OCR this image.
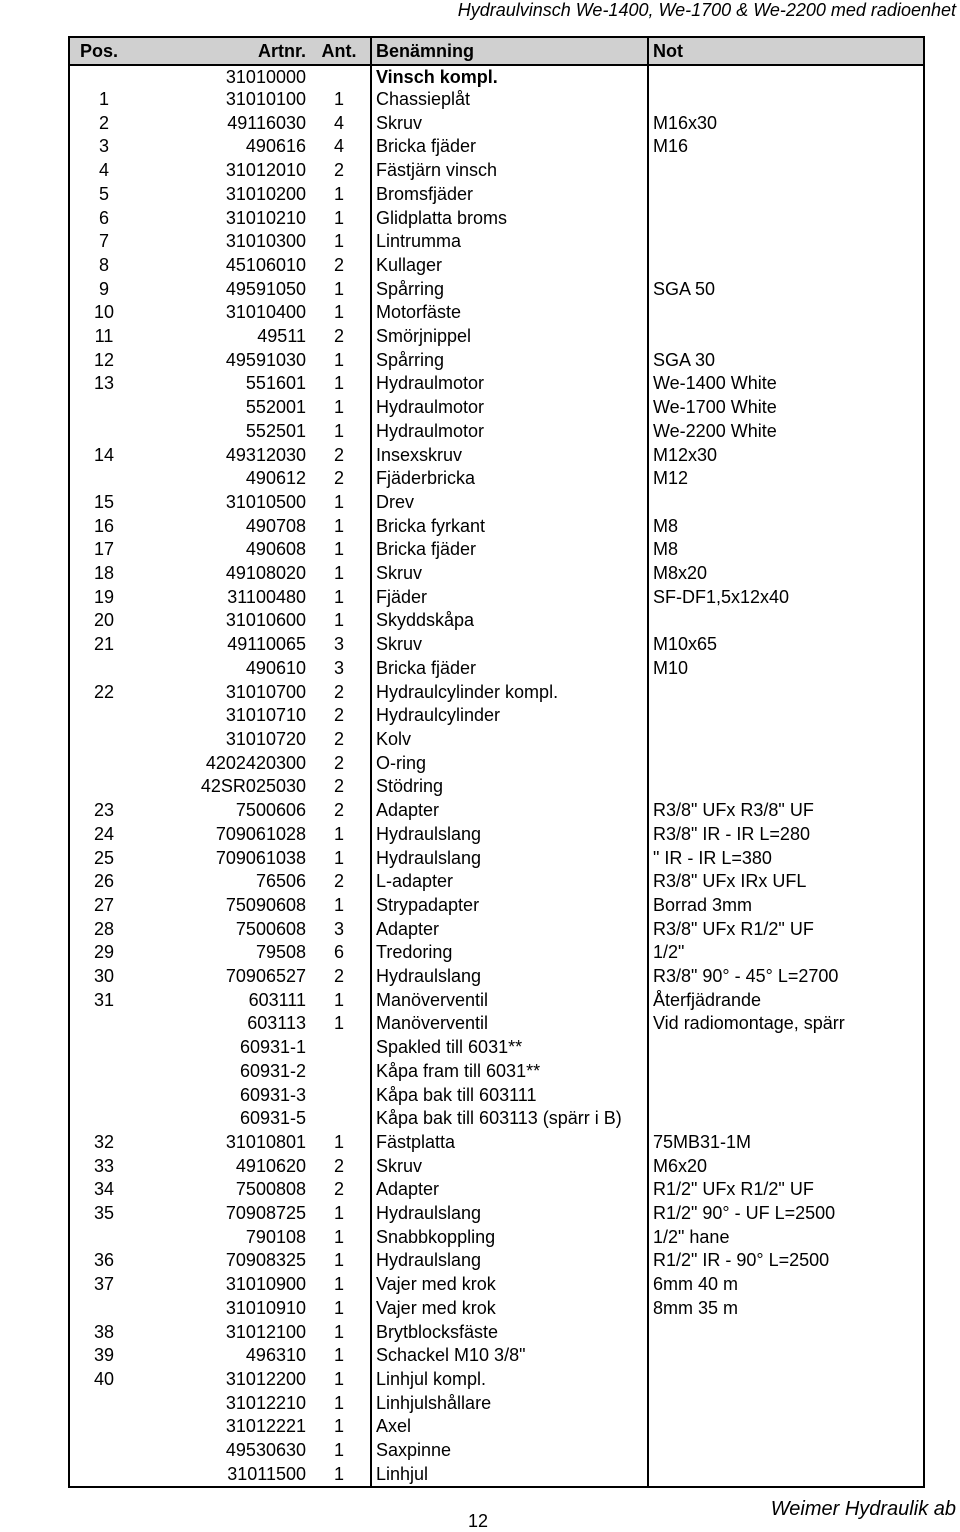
Hydraulvinsch We-1400, We-1700 & We-2200 med radioenhet
Pos.	Artnr.	Ant.	Benämning	Not
	31010000		Vinsch kompl.	
1	31010100	1	Chassieplåt	
2	49116030	4	Skruv	M16x30
3	490616	4	Bricka fjäder	M16
4	31012010	2	Fästjärn vinsch	
5	31010200	1	Bromsfjäder	
6	31010210	1	Glidplatta broms	
7	31010300	1	Lintrumma	
8	45106010	2	Kullager	
9	49591050	1	Spårring	SGA 50
10	31010400	1	Motorfäste	
11	49511	2	Smörjnippel	
12	49591030	1	Spårring	SGA 30
13	551601	1	Hydraulmotor	We-1400 White
	552001	1	Hydraulmotor	We-1700 White
	552501	1	Hydraulmotor	We-2200 White
14	49312030	2	Insexskruv	M12x30
	490612	2	Fjäderbricka	M12
15	31010500	1	Drev	
16	490708	1	Bricka fyrkant	M8
17	490608	1	Bricka fjäder	M8
18	49108020	1	Skruv	M8x20
19	31100480	1	Fjäder	SF-DF1,5x12x40
20	31010600	1	Skyddskåpa	
21	49110065	3	Skruv	M10x65
	490610	3	Bricka fjäder	M10
22	31010700	2	Hydraulcylinder kompl.	
	31010710	2	Hydraulcylinder	
	31010720	2	Kolv	
	4202420300	2	O-ring	
	42SR025030	2	Stödring	
23	7500606	2	Adapter	R3/8" UFx R3/8" UF
24	709061028	1	Hydraulslang	R3/8" IR - IR L=280
25	709061038	1	Hydraulslang	" IR - IR L=380
26	76506	2	L-adapter	R3/8" UFx IRx UFL
27	75090608	1	Strypadapter	Borrad 3mm
28	7500608	3	Adapter	R3/8" UFx R1/2" UF
29	79508	6	Tredoring	1/2"
30	70906527	2	Hydraulslang	R3/8" 90° - 45° L=2700
31	603111	1	Manöverventil	Återfjädrande
	603113	1	Manöverventil	Vid radiomontage, spärr
	60931-1		Spakled till 6031**	
	60931-2		Kåpa fram till 6031**	
	60931-3		Kåpa bak till 603111	
	60931-5		Kåpa bak till 603113 (spärr i B)	
32	31010801	1	Fästplatta	75MB31-1M
33	4910620	2	Skruv	M6x20
34	7500808	2	Adapter	R1/2" UFx R1/2" UF
35	70908725	1	Hydraulslang	R1/2" 90° - UF L=2500
	790108	1	Snabbkoppling	1/2" hane
36	70908325	1	Hydraulslang	R1/2" IR - 90° L=2500
37	31010900	1	Vajer med krok	6mm 40 m
	31010910	1	Vajer med krok	8mm 35 m
38	31012100	1	Brytblocksfäste	
39	496310	1	Schackel M10 3/8"	
40	31012200	1	Linhjul kompl.	
	31012210	1	Linhjulshållare	
	31012221	1	Axel	
	49530630	1	Saxpinne	
	31011500	1	Linhjul	
12
Weimer Hydraulik ab
